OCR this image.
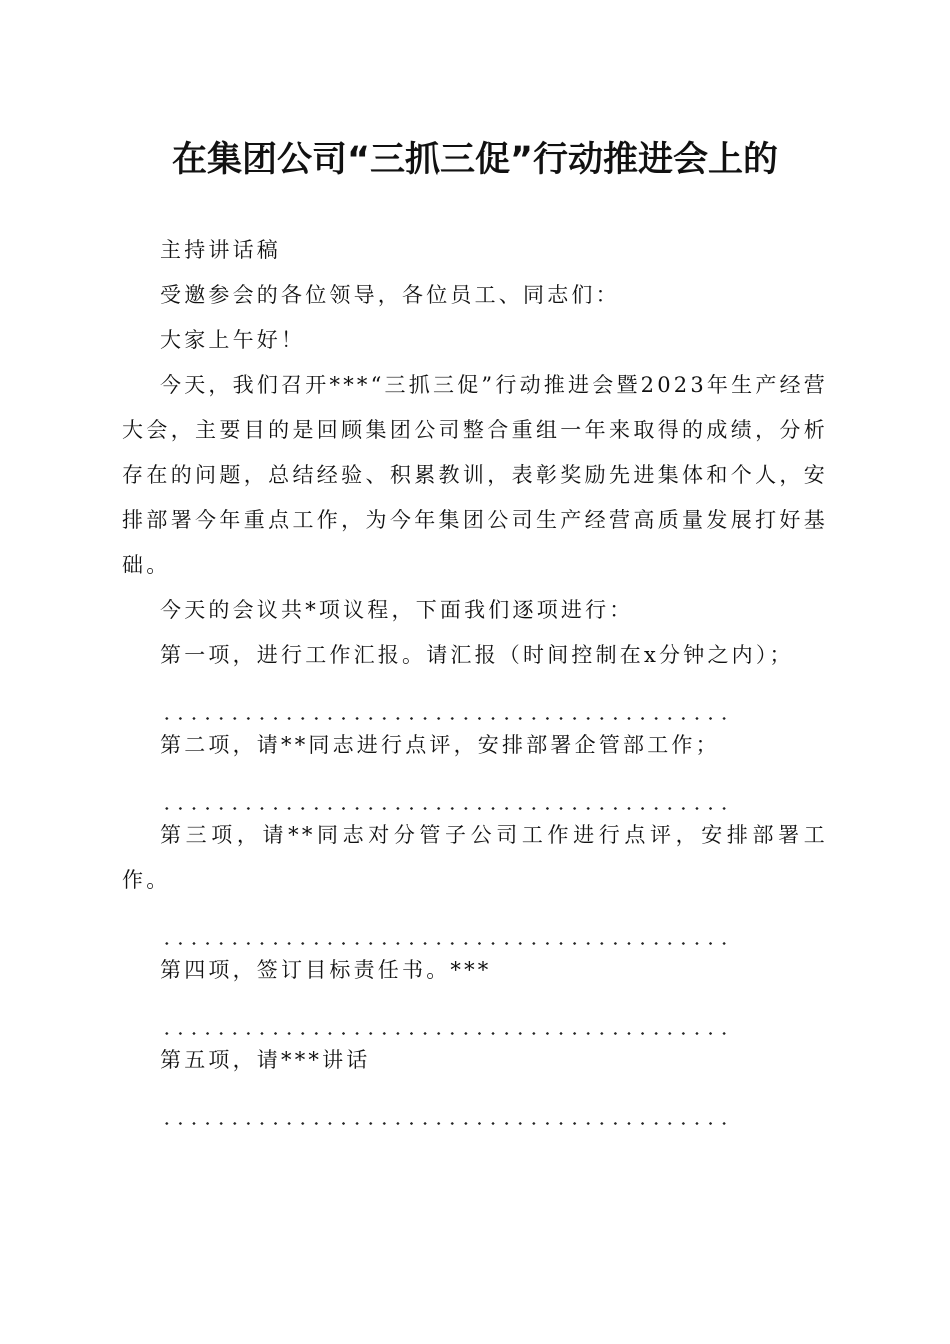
在集团公司“三抓三促”行动推进会上的

主持讲话稿

受邀参会的各位领导，各位员工、同志们：

大家上午好！

今天，我们召开***“三抓三促”行动推进会暨2023年生产经营大会，主要目的是回顾集团公司整合重组一年来取得的成绩，分析存在的问题，总结经验、积累教训，表彰奖励先进集体和个人，安排部署今年重点工作，为今年集团公司生产经营高质量发展打好基础。

今天的会议共*项议程，下面我们逐项进行：

第一项，进行工作汇报。请汇报（时间控制在x分钟之内）；

第二项，请**同志进行点评，安排部署企管部工作；

第三项，请**同志对分管子公司工作进行点评，安排部署工作。

第四项，签订目标责任书。***

第五项，请***讲话
